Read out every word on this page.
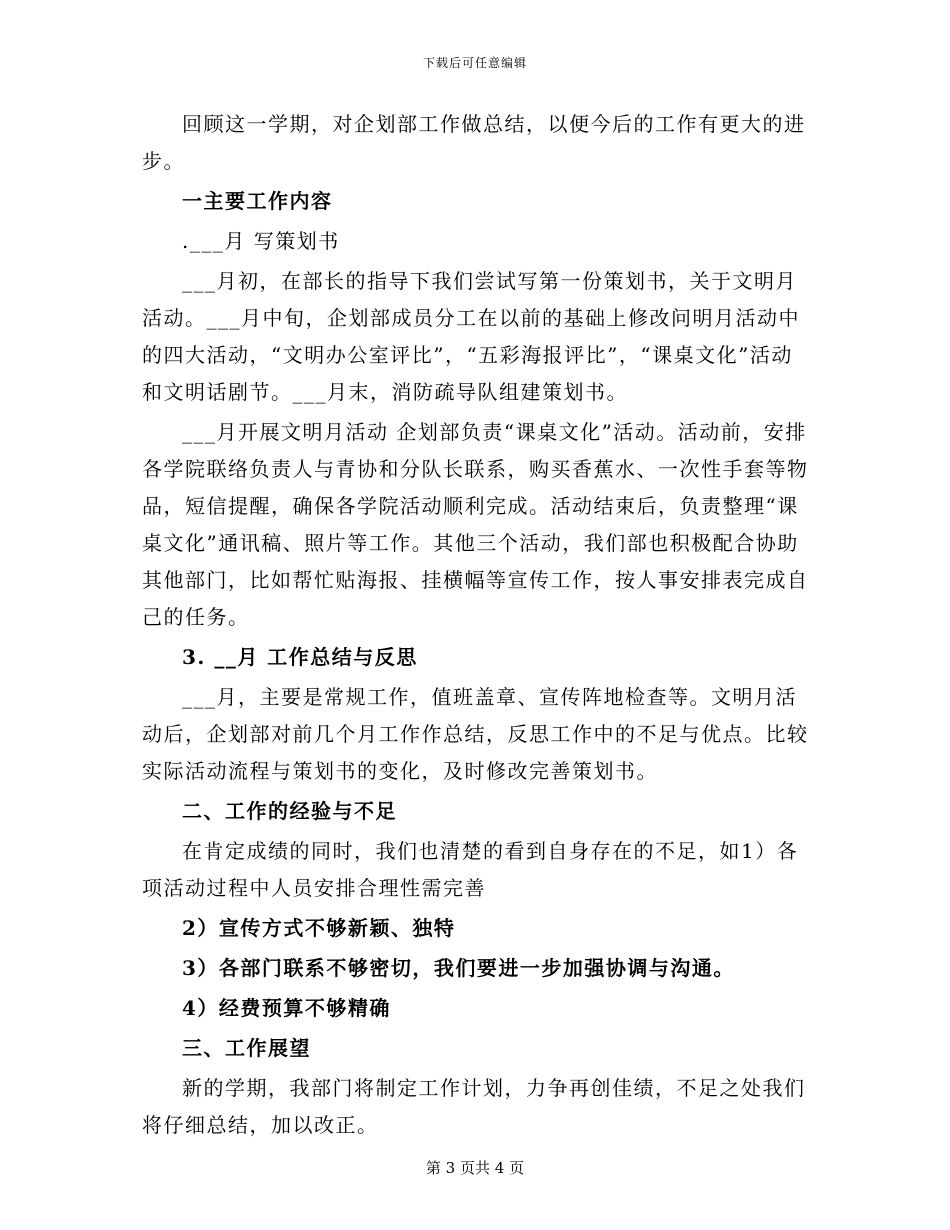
下载后可任意编辑

回顾这一学期，对企划部工作做总结，以便今后的工作有更大的进步。

一主要工作内容

.___月 写策划书

___月初，在部长的指导下我们尝试写第一份策划书，关于文明月活动。___月中旬，企划部成员分工在以前的基础上修改问明月活动中的四大活动，“文明办公室评比”，“五彩海报评比”，“课桌文化”活动和文明话剧节。___月末，消防疏导队组建策划书。

___月开展文明月活动 企划部负责“课桌文化”活动。活动前，安排各学院联络负责人与青协和分队长联系，购买香蕉水、一次性手套等物品，短信提醒，确保各学院活动顺利完成。活动结束后，负责整理“课桌文化”通讯稿、照片等工作。其他三个活动，我们部也积极配合协助其他部门，比如帮忙贴海报、挂横幅等宣传工作，按人事安排表完成自己的任务。

3. __月 工作总结与反思

___月，主要是常规工作，值班盖章、宣传阵地检查等。文明月活动后，企划部对前几个月工作作总结，反思工作中的不足与优点。比较实际活动流程与策划书的变化，及时修改完善策划书。

二、工作的经验与不足

在肯定成绩的同时，我们也清楚的看到自身存在的不足，如1）各项活动过程中人员安排合理性需完善

2）宣传方式不够新颖、独特

3）各部门联系不够密切，我们要进一步加强协调与沟通。

4）经费预算不够精确

三、工作展望

新的学期，我部门将制定工作计划，力争再创佳绩，不足之处我们将仔细总结，加以改正。

第 3 页共 4 页
